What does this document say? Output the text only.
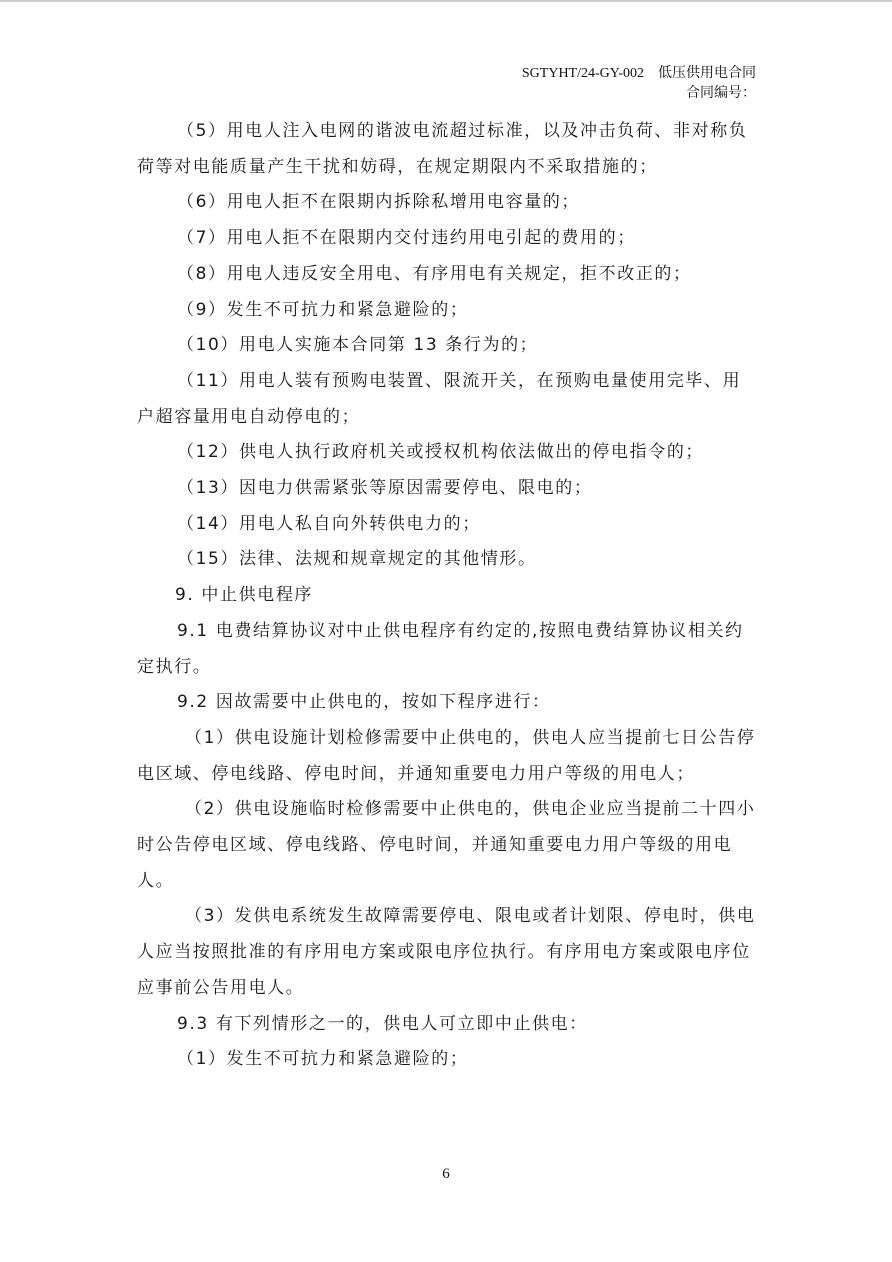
SGTYHT/24-GY-002　低压供用电合同
合同编号：

（5）用电人注入电网的谐波电流超过标准，以及冲击负荷、非对称负荷等对电能质量产生干扰和妨碍，在规定期限内不采取措施的；

（6）用电人拒不在限期内拆除私增用电容量的；

（7）用电人拒不在限期内交付违约用电引起的费用的；

（8）用电人违反安全用电、有序用电有关规定，拒不改正的；

（9）发生不可抗力和紧急避险的；

（10）用电人实施本合同第 13 条行为的；

（11）用电人装有预购电装置、限流开关，在预购电量使用完毕、用户超容量用电自动停电的；

（12）供电人执行政府机关或授权机构依法做出的停电指令的；

（13）因电力供需紧张等原因需要停电、限电的；

（14）用电人私自向外转供电力的；

（15）法律、法规和规章规定的其他情形。

9. 中止供电程序

9.1 电费结算协议对中止供电程序有约定的,按照电费结算协议相关约定执行。

9.2 因故需要中止供电的，按如下程序进行：

（1）供电设施计划检修需要中止供电的，供电人应当提前七日公告停电区域、停电线路、停电时间，并通知重要电力用户等级的用电人；

（2）供电设施临时检修需要中止供电的，供电企业应当提前二十四小时公告停电区域、停电线路、停电时间，并通知重要电力用户等级的用电人。

（3）发供电系统发生故障需要停电、限电或者计划限、停电时，供电人应当按照批准的有序用电方案或限电序位执行。有序用电方案或限电序位应事前公告用电人。

9.3 有下列情形之一的，供电人可立即中止供电：

（1）发生不可抗力和紧急避险的；

6
